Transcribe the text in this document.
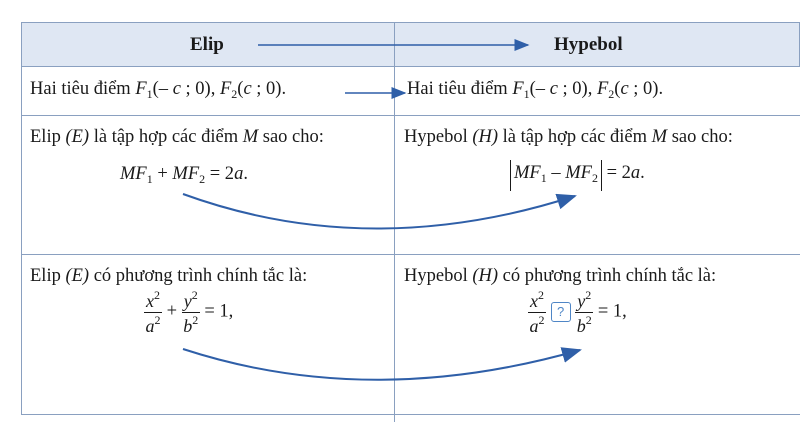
Elip	Hypebol
Hai tiêu điểm $F_1(-$ c ; 0), $F_2(c$ ; 0).	Hai tiêu điểm $F_1(-$ c ; 0), $F_2(c$ ; 0).
Elip (E) là tập hợp các điểm M sao cho:
$MF_1 + MF_2 = 2a$.
Hypebol (H) là tập hợp các điểm M sao cho:
$MF_1 - MF_2 = 2a$.
Elip (E) có phương trình chính tắc là:
$\frac{x^2}{a^2} + \frac{y^2}{b^2} = 1$,
Hypebol (H) có phương trình chính tắc là:
$\frac{x^2}{a^2}$ ? $\frac{y^2}{b^2} = 1$,
